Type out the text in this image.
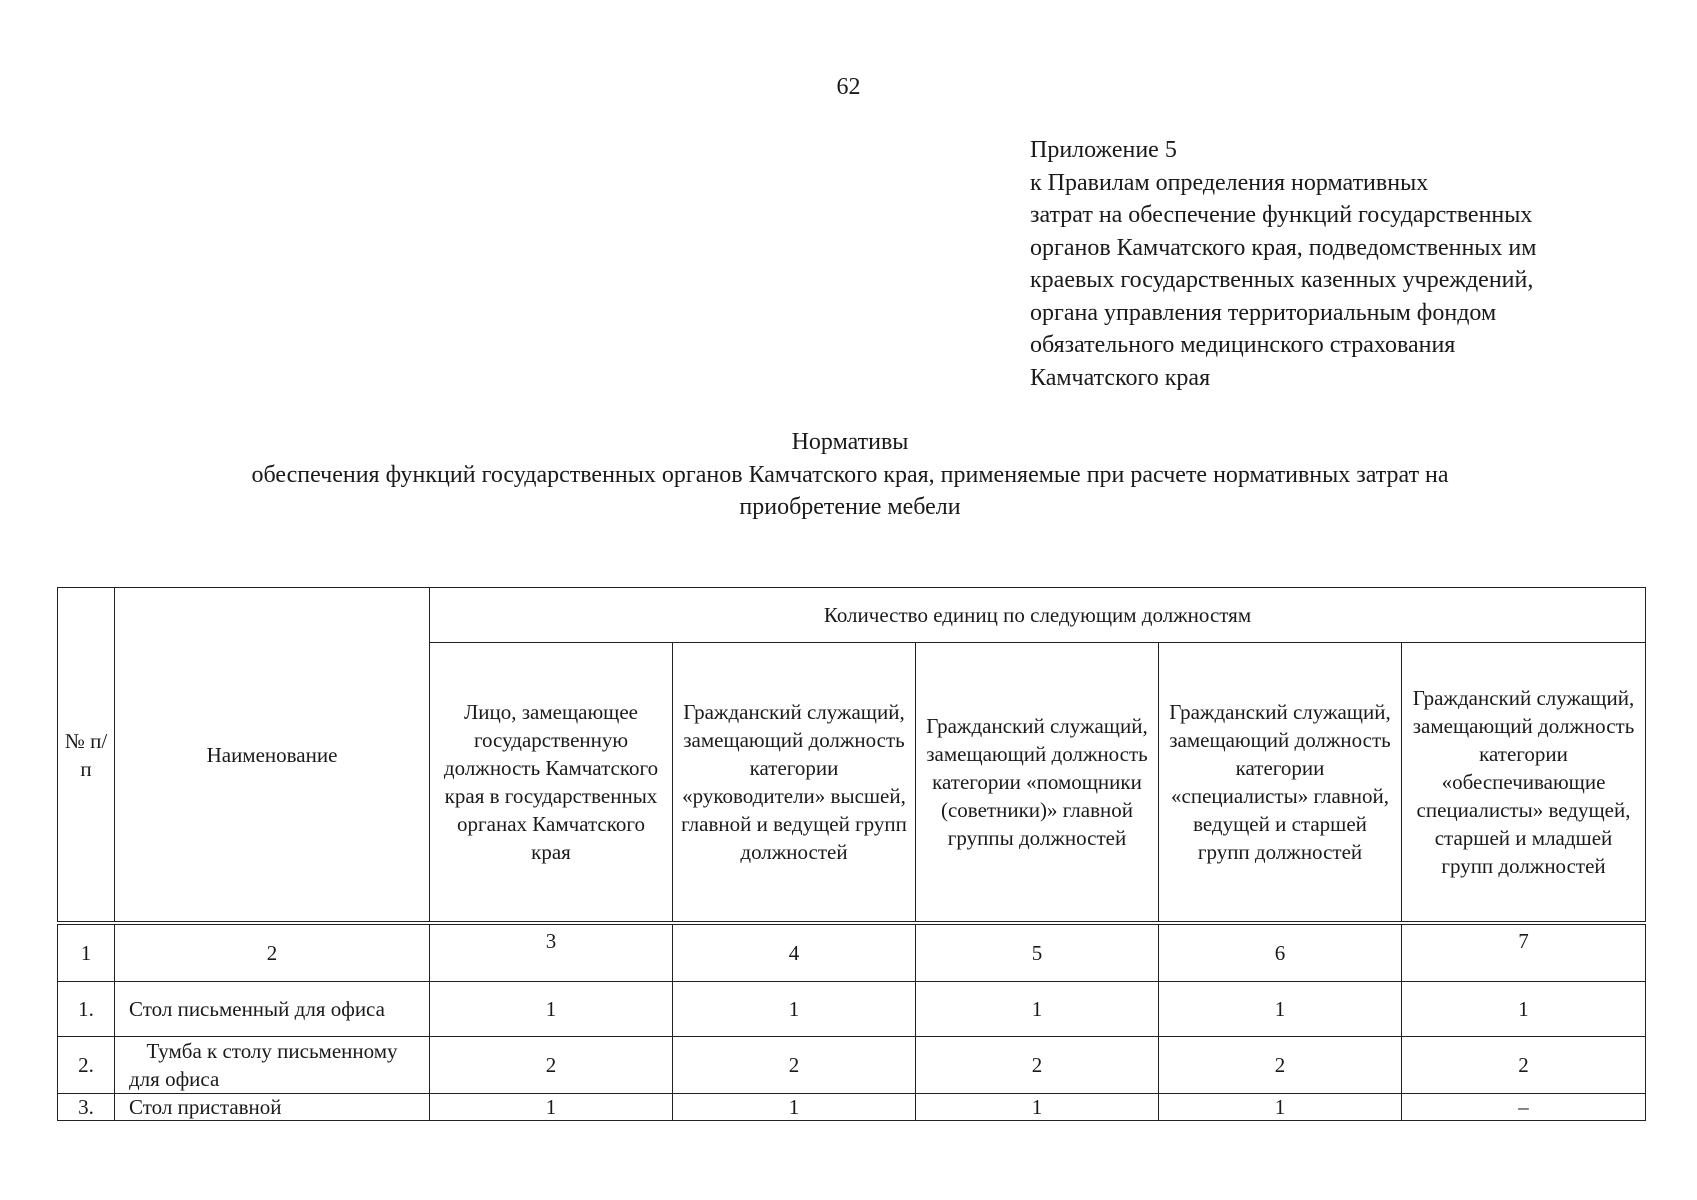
62
Приложение 5
к Правилам определения нормативных
затрат на обеспечение функций государственных
органов Камчатского края, подведомственных им
краевых государственных казенных учреждений,
органа управления территориальным фондом
обязательного медицинского страхования
Камчатского края
Нормативы
обеспечения функций государственных органов Камчатского края, применяемые при расчете нормативных затрат на
приобретение мебели
№ п/п	Наименование	Количество единиц по следующим должностям				
		Лицо, замещающее государственную должность Камчатского края в государственных органах Камчатского края	Гражданский служащий, замещающий должность категории «руководители» высшей, главной и ведущей групп должностей	Гражданский служащий, замещающий должность категории «помощники (советники)» главной группы должностей	Гражданский служащий, замещающий должность категории «специалисты» главной, ведущей и старшей групп должностей	Гражданский служащий, замещающий должность категории «обеспечивающие специалисты» ведущей, старшей и младшей групп должностей
1	2	3	4	5	6	7
1.	Стол письменный для офиса	1	1	1	1	1
2.	Тумба к столу письменному для офиса	2	2	2	2	2
3.	Стол приставной	1	1	1	1	–
